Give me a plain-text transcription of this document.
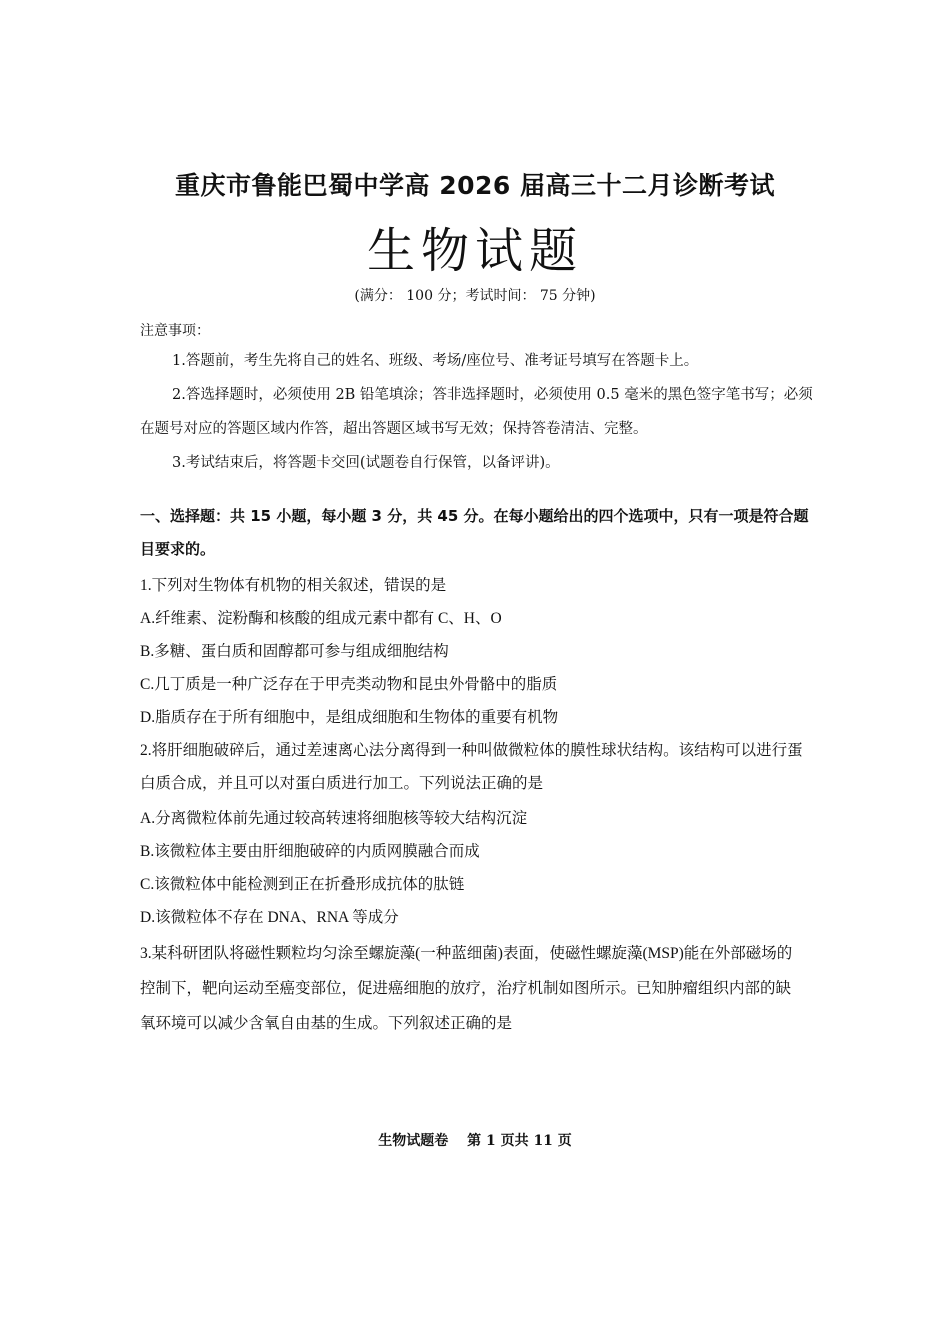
重庆市鲁能巴蜀中学高 2026 届高三十二月诊断考试
生物试题
(满分： 100 分；考试时间： 75 分钟)
注意事项：
1.答题前，考生先将自己的姓名、班级、考场/座位号、准考证号填写在答题卡上。
2.答选择题时，必须使用 2B 铅笔填涂；答非选择题时，必须使用 0.5 毫米的黑色签字笔书写；必须在题号对应的答题区域内作答，超出答题区域书写无效；保持答卷清洁、完整。
3.考试结束后，将答题卡交回(试题卷自行保管，以备评讲)。
一、选择题：共 15 小题，每小题 3 分，共 45 分。在每小题给出的四个选项中，只有一项是符合题目要求的。
1.下列对生物体有机物的相关叙述，错误的是
A.纤维素、淀粉酶和核酸的组成元素中都有 C、H、O
B.多糖、蛋白质和固醇都可参与组成细胞结构
C.几丁质是一种广泛存在于甲壳类动物和昆虫外骨骼中的脂质
D.脂质存在于所有细胞中，是组成细胞和生物体的重要有机物
2.将肝细胞破碎后，通过差速离心法分离得到一种叫做微粒体的膜性球状结构。该结构可以进行蛋白质合成，并且可以对蛋白质进行加工。下列说法正确的是
A.分离微粒体前先通过较高转速将细胞核等较大结构沉淀
B.该微粒体主要由肝细胞破碎的内质网膜融合而成
C.该微粒体中能检测到正在折叠形成抗体的肽链
D.该微粒体不存在 DNA、RNA 等成分
3.某科研团队将磁性颗粒均匀涂至螺旋藻(一种蓝细菌)表面，使磁性螺旋藻(MSP)能在外部磁场的控制下，靶向运动至癌变部位，促进癌细胞的放疗，治疗机制如图所示。已知肿瘤组织内部的缺氧环境可以减少含氧自由基的生成。下列叙述正确的是
生物试题卷　 第 1 页共 11 页
